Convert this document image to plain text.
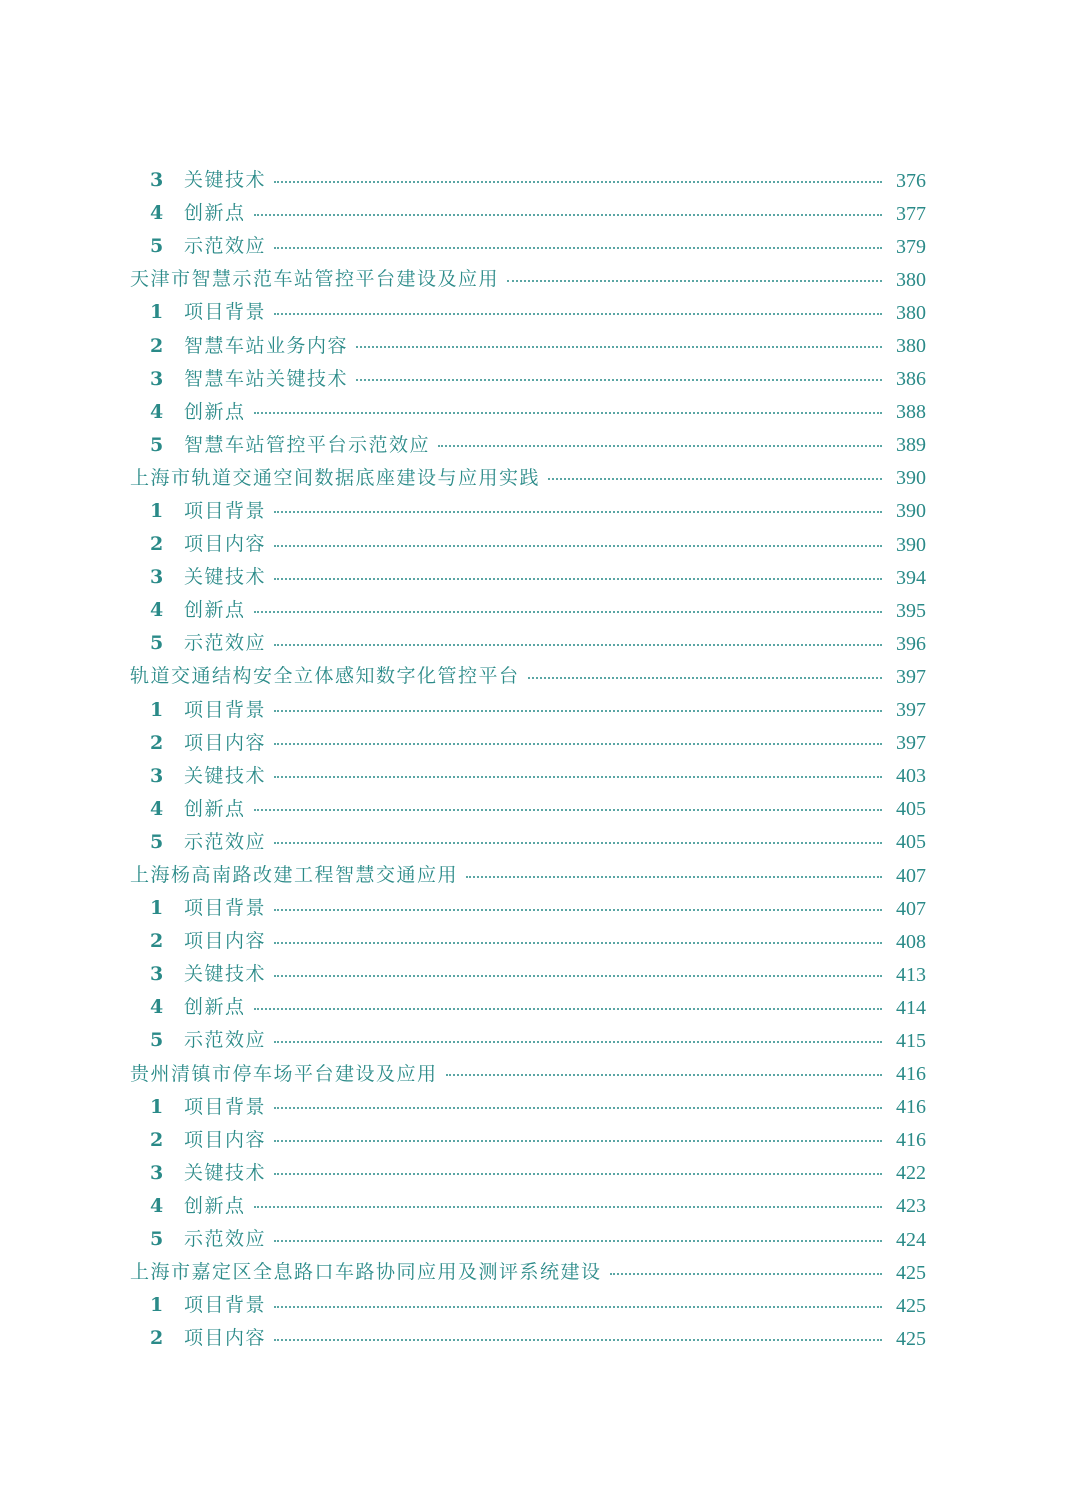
3	关键技术	376
4	创新点	377
5	示范效应	379
天津市智慧示范车站管控平台建设及应用	380
1	项目背景	380
2	智慧车站业务内容	380
3	智慧车站关键技术	386
4	创新点	388
5	智慧车站管控平台示范效应	389
上海市轨道交通空间数据底座建设与应用实践	390
1	项目背景	390
2	项目内容	390
3	关键技术	394
4	创新点	395
5	示范效应	396
轨道交通结构安全立体感知数字化管控平台	397
1	项目背景	397
2	项目内容	397
3	关键技术	403
4	创新点	405
5	示范效应	405
上海杨高南路改建工程智慧交通应用	407
1	项目背景	407
2	项目内容	408
3	关键技术	413
4	创新点	414
5	示范效应	415
贵州清镇市停车场平台建设及应用	416
1	项目背景	416
2	项目内容	416
3	关键技术	422
4	创新点	423
5	示范效应	424
上海市嘉定区全息路口车路协同应用及测评系统建设	425
1	项目背景	425
2	项目内容	425
